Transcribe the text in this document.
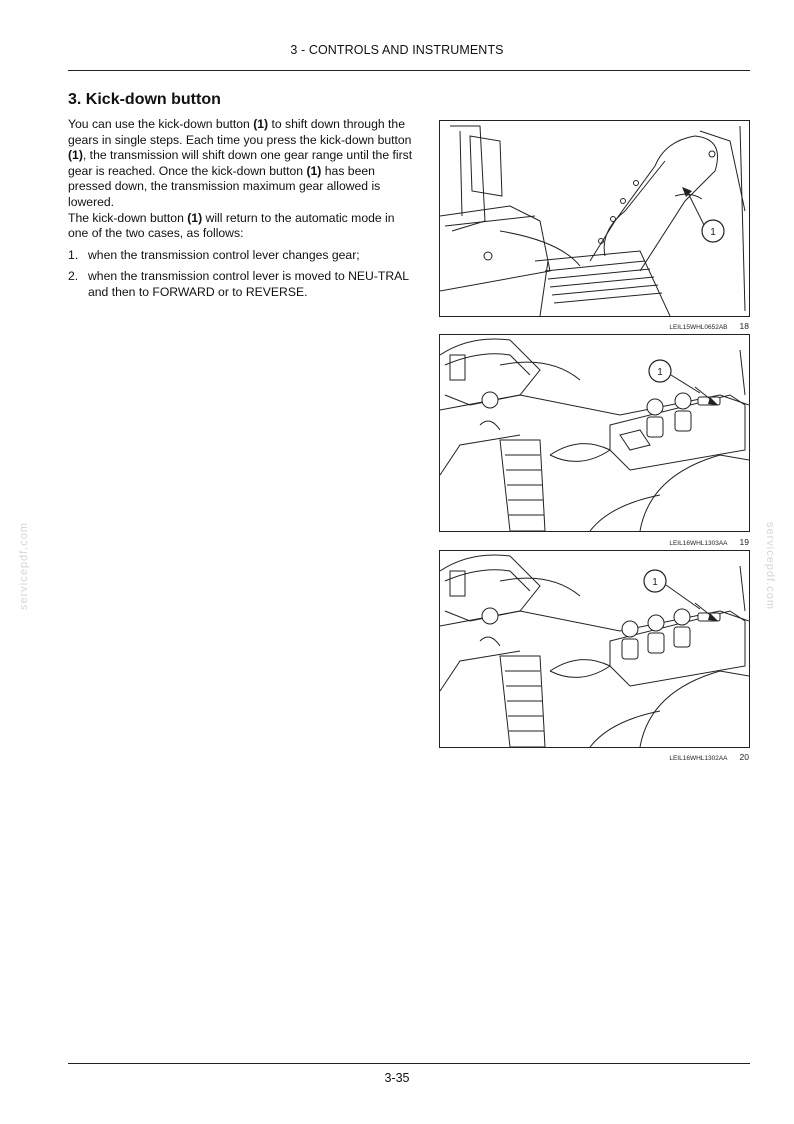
3 - CONTROLS AND INSTRUMENTS
3. Kick-down button

You can use the kick-down button (1) to shift down through the gears in single steps. Each time you press the kick-down button (1), the transmission will shift down one gear range until the first gear is reached. Once the kick-down button (1) has been pressed down, the transmission maximum gear allowed is lowered.

The kick-down button (1) will return to the automatic mode in one of the two cases, as follows:

1. when the transmission control lever changes gear;
2. when the transmission control lever is moved to NEU-TRAL and then to FORWARD or to REVERSE.
1
LEIL15WHL0652AB 18
1
LEIL16WHL1303AA 19
1
LEIL16WHL1302AA 20
servicepdf.com	servicepdf.com
3-35
